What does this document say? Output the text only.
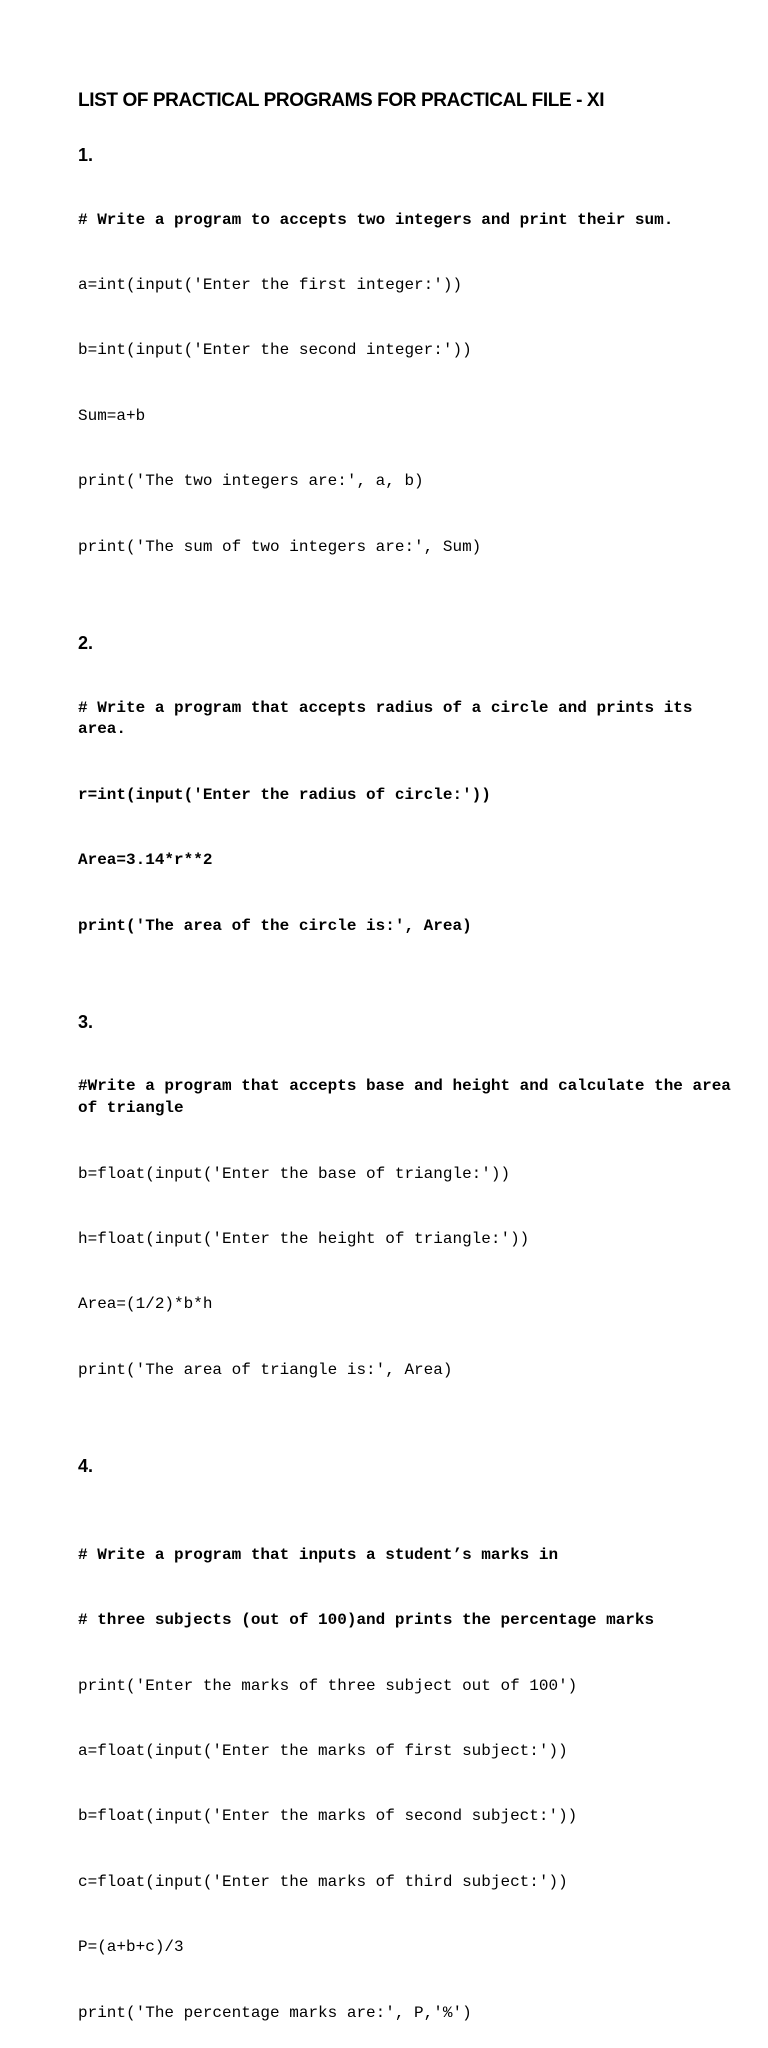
LIST OF PRACTICAL PROGRAMS FOR PRACTICAL FILE - XI

1.

# Write a program to accepts two integers and print their sum.

a=int(input('Enter the first integer:'))

b=int(input('Enter the second integer:'))

Sum=a+b

print('The two integers are:', a, b)

print('The sum of two integers are:', Sum)

2.

# Write a program that accepts radius of a circle and prints its area.

r=int(input('Enter the radius of circle:'))

Area=3.14*r**2

print('The area of the circle is:', Area)

3.

#Write a program that accepts base and height and calculate the area of triangle

b=float(input('Enter the base of triangle:'))

h=float(input('Enter the height of triangle:'))

Area=(1/2)*b*h

print('The area of triangle is:', Area)

4.

# Write a program that inputs a student’s marks in

# three subjects (out of 100)and prints the percentage marks

print('Enter the marks of three subject out of 100')

a=float(input('Enter the marks of first subject:'))

b=float(input('Enter the marks of second subject:'))

c=float(input('Enter the marks of third subject:'))

P=(a+b+c)/3

print('The percentage marks are:', P,'%')
